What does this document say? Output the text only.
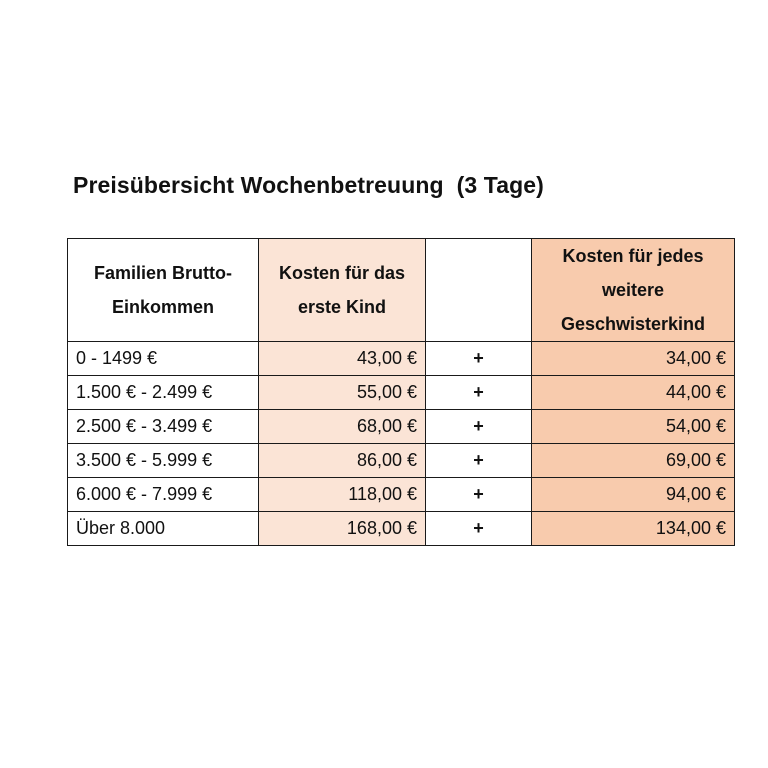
Preisübersicht Wochenbetreuung  (3 Tage)
Familien Brutto-Einkommen	Kosten für das erste Kind		Kosten für jedes weitere Geschwisterkind
0 - 1499 €	43,00 €	+	34,00 €
1.500 € - 2.499 €	55,00 €	+	44,00 €
2.500 € - 3.499 €	68,00 €	+	54,00 €
3.500 € - 5.999 €	86,00 €	+	69,00 €
6.000 € - 7.999 €	118,00 €	+	94,00 €
Über 8.000	168,00 €	+	134,00 €
